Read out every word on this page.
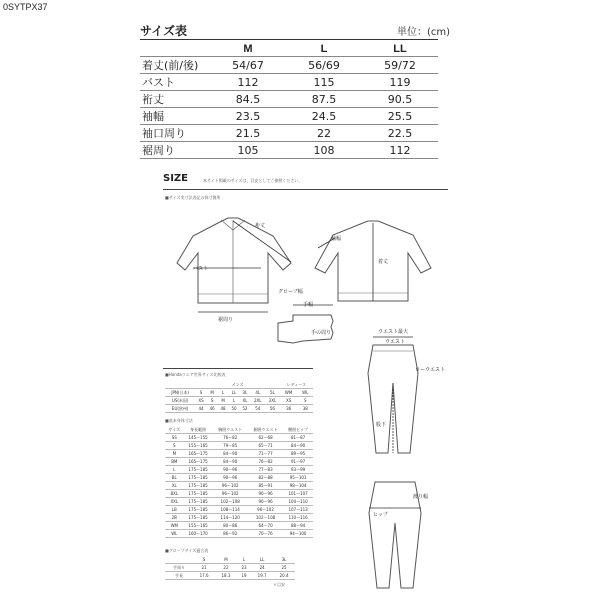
0SYTPX37
サイズ表	単位：(cm)
	M	L	LL
着丈(前/後)	54/67	56/69	59/72
バスト	112	115	119
裄丈	84.5	87.5	90.5
袖幅	23.5	24.5	25.5
袖口周り	21.5	22	22.5
裾周り	105	108	112
SIZE	本サイト掲載のサイズは、目安としてご参照ください。
■サイズ実寸法表記の採寸箇所
裄丈
バスト
裾周り
袖幅
着丈
グローブ幅
手幅
手の周り
■Hondaウエア世界サイズ比較表
	メンズ							レディース	
JPN(日本)	S	M	L	LL	3L	4L	5L	WM	WL
US(米国)	XS	S	M	L	XL	2XL	3XL	XS	S
EU(欧州)	44	46	48	50	52	54	56	36	38
■基本身体寸法
サイズ	身長範囲	胸囲ウエスト	胴囲ウエスト	腰囲ヒップ
SS	145～155	76～82	62～68	81～87
S	155～165	79～85	65～71	84～90
M	165～175	84～90	71～77	89～95
BM	165～175	84～90	76～82	91～97
L	175～185	90～96	77～83	93～99
BL	175～185	90～96	82～88	95～101
XL	175～185	96～102	85～91	98～104
BXL	175～185	96～102	90～96	101～107
XXL	175～185	102～108	90～96	104～110
LB	175～185	108～114	96～102	107～113
2B	175～185	114～120	102～108	110～116
WM	155～165	80～86	64～70	88～94
WL	160～170	86～92	70～76	94～100
■グローブサイズ適合表
	S	M	L	LL	3L
手周り	21	22	23	24	25
手長	17.6	18.3	19	19.7	20.4
＊目安
ウエスト最大
ウエスト
ローウエスト
股下
渡り幅
ヒップ
